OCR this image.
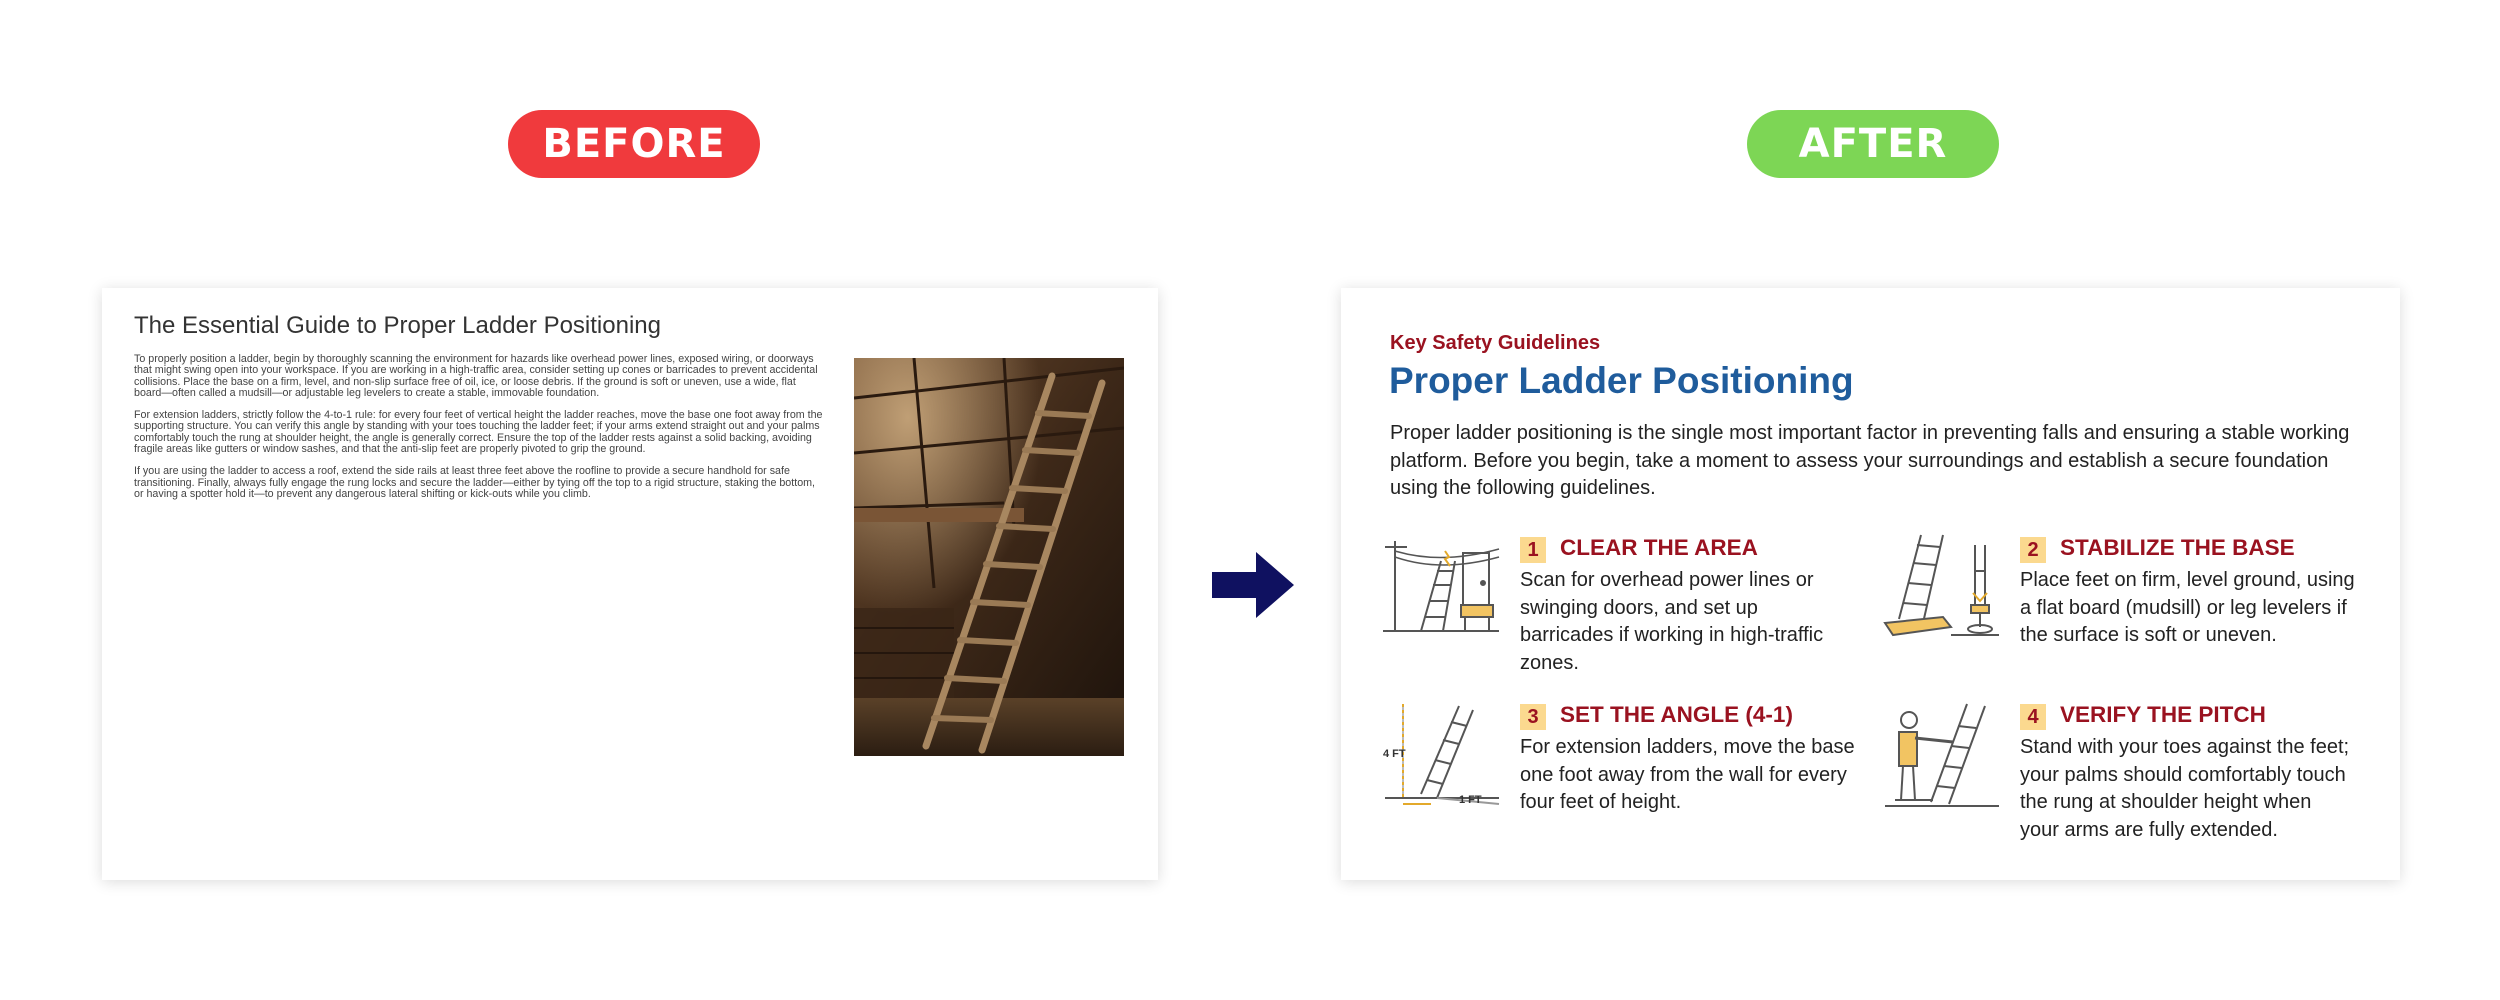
BEFORE	AFTER
The Essential Guide to Proper Ladder Positioning

To properly position a ladder, begin by thoroughly scanning the environment for hazards like overhead power lines, exposed wiring, or doorways that might swing open into your workspace. If you are working in a high-traffic area, consider setting up cones or barricades to prevent accidental collisions. Place the base on a firm, level, and non-slip surface free of oil, ice, or loose debris. If the ground is soft or uneven, use a wide, flat board—often called a mudsill—or adjustable leg levelers to create a stable, immovable foundation.

For extension ladders, strictly follow the 4-to-1 rule: for every four feet of vertical height the ladder reaches, move the base one foot away from the supporting structure. You can verify this angle by standing with your toes touching the ladder feet; if your arms extend straight out and your palms comfortably touch the rung at shoulder height, the angle is generally correct. Ensure the top of the ladder rests against a solid backing, avoiding fragile areas like gutters or window sashes, and that the anti-slip feet are properly pivoted to grip the ground.

If you are using the ladder to access a roof, extend the side rails at least three feet above the roofline to provide a secure handhold for safe transitioning. Finally, always fully engage the rung locks and secure the ladder—either by tying off the top to a rigid structure, staking the bottom, or having a spotter hold it—to prevent any dangerous lateral shifting or kick-outs while you climb.

Key Safety Guidelines
Proper Ladder Positioning
Proper ladder positioning is the single most important factor in preventing falls and ensuring a stable working platform. Before you begin, take a moment to assess your surroundings and establish a secure foundation using the following guidelines.
1 CLEAR THE AREA
Scan for overhead power lines or swinging doors, and set up barricades if working in high-traffic zones.
2 STABILIZE THE BASE
Place feet on firm, level ground, using a flat board (mudsill) or leg levelers if the surface is soft or uneven.
4 FT
1 FT
3 SET THE ANGLE (4-1)
For extension ladders, move the base one foot away from the wall for every four feet of height.
4 VERIFY THE PITCH
Stand with your toes against the feet; your palms should comfortably touch the rung at shoulder height when your arms are fully extended.
